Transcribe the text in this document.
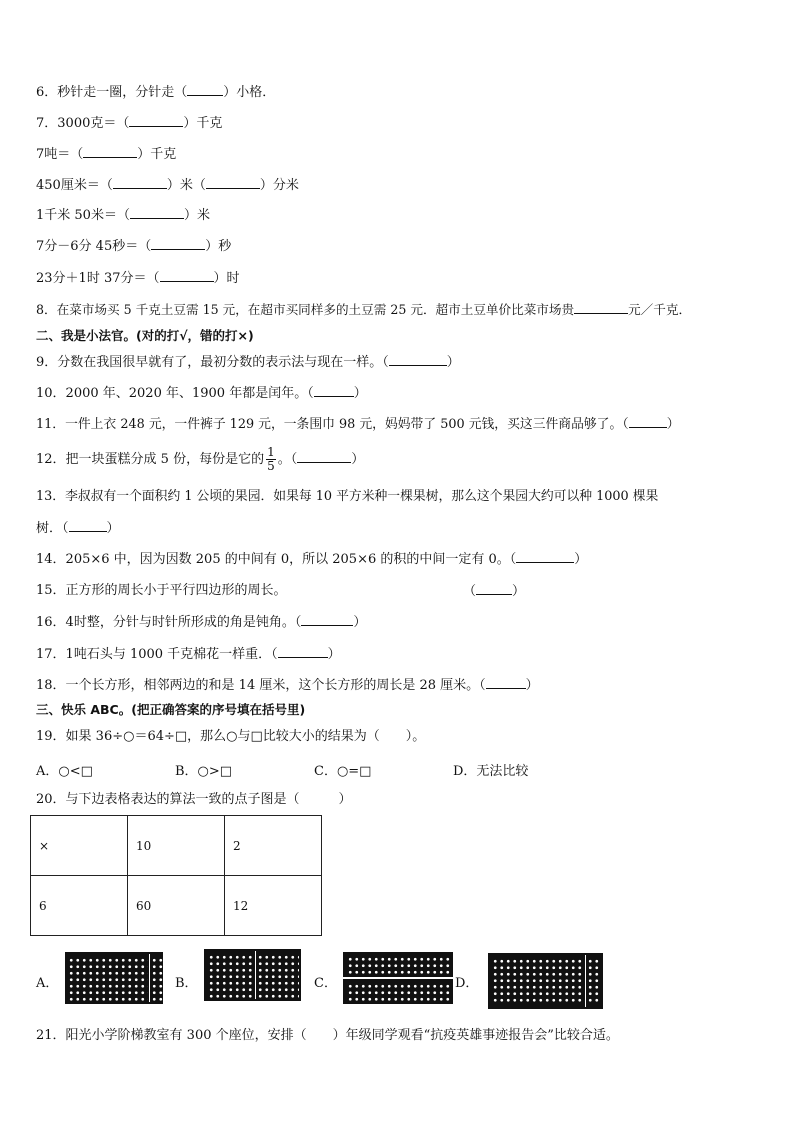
6．秒针走一圈，分针走（	）小格．
7．3000克＝（	）千克
7吨＝（	）千克
450厘米＝（	）米（	）分米
1千米 50米＝（	）米
7分－6分 45秒＝（	）秒
23分＋1时 37分＝（	）时
8．在菜市场买 5 千克土豆需 15 元，在超市买同样多的土豆需 25 元．超市土豆单价比菜市场贵	元／千克．
二、我是小法官。(对的打√，错的打×)
9．分数在我国很早就有了，最初分数的表示法与现在一样。（	）
10．2000 年、2020 年、1900 年都是闰年。（	）
11．一件上衣 248 元，一件裤子 129 元，一条围巾 98 元，妈妈带了 500 元钱，买这三件商品够了。（	）
12．把一块蛋糕分成 5 份，每份是它的 $\frac{1}{5}$ 。（	）
13．李叔叔有一个面积约 1 公顷的果园．如果每 10 平方米种一棵果树，那么这个果园大约可以种 1000 棵果
树．（	）
14．205×6 中，因为因数 205 的中间有 0，所以 205×6 的积的中间一定有 0。（	）
15．正方形的周长小于平行四边形的周长。	（	）
16．4时整，分针与时针所形成的角是钝角。（	）
17．1吨石头与 1000 千克棉花一样重．（	）
18．一个长方形，相邻两边的和是 14 厘米，这个长方形的周长是 28 厘米。（	）
三、快乐 ABC。(把正确答案的序号填在括号里)
19．如果 36÷○＝64÷□，那么○与□比较大小的结果为（　　）。
A．○<□	B．○>□	C．○=□	D．无法比较
20．与下边表格表达的算法一致的点子图是（　　　）
×	10	2
6	60	12
A．	B．	C．	D．
21．阳光小学阶梯教室有 300 个座位，安排（　　）年级同学观看“抗疫英雄事迹报告会”比较合适。
